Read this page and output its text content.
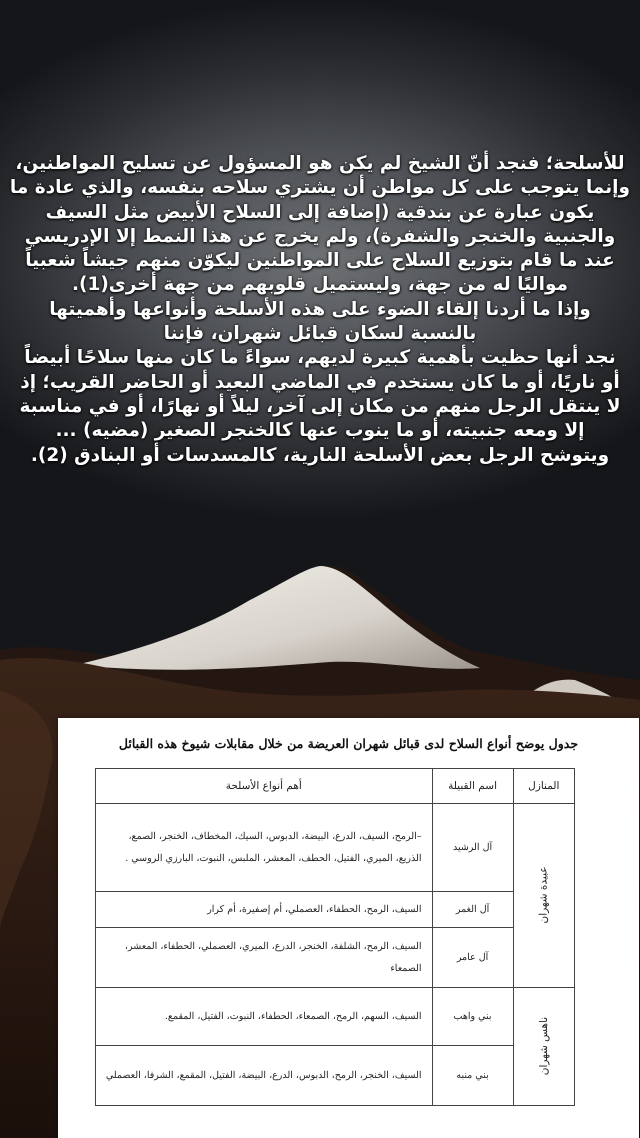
للأسلحة؛ فنجد أنّ الشيخ لم يكن هو المسؤول عن تسليح المواطنين،
وإنما يتوجب على كل مواطن أن يشتري سلاحه بنفسه، والذي عادة ما
يكون عبارة عن بندقية (إضافة إلى السلاح الأبيض مثل السيف
والجنبية والخنجر والشفرة)، ولم يخرج عن هذا النمط إلا الإدريسي
عند ما قام بتوزيع السلاح على المواطنين ليكوّن منهم جيشاً شعبياً
مواليًا له من جهة، وليستميل قلوبهم من جهة أخرى(1).
وإذا ما أردنا إلقاء الضوء على هذه الأسلحة وأنواعها وأهميتها
بالنسبة لسكان قبائل شهران، فإننا
نجد أنها حظيت بأهمية كبيرة لديهم، سواءً ما كان منها سلاحًا أبيضاً
أو ناريًا، أو ما كان يستخدم في الماضي البعيد أو الحاضر القريب؛ إذ
لا ينتقل الرجل منهم من مكان إلى آخر، ليلاً أو نهارًا، أو في مناسبة
إلا ومعه جنبيته، أو ما ينوب عنها كالخنجر الصغير (مضيه) ...
ويتوشح الرجل بعض الأسلحة النارية، كالمسدسات أو البنادق (2).
جدول يوضح أنواع السلاح لدى قبائل شهران العريضة من خلال مقابلات شيوخ هذه القبائل
المنازل	اسم القبيلة	أهم أنواع الأسلحة
عبيدة شهران	آل الرشيد	–الرمح، السيف، الدرع، البيضة، الدبوس، السيك، المخطاف، الخنجر، الصمع، الذريع، الميري، الفتيل، الحطف، المعشر، الملبس، النبوت، البارزي الروسي .
	آل الغمر	السيف، الرمح، الحطفاء، العصملي، أم إصفيرة، أم كرار
	آل عامر	السيف، الرمح، الشلفة، الخنجر، الدرع، الميري، العصملي، الحطفاء، المعشر، الصمعاء
ناهس شهران	بني واهب	السيف، السهم، الرمح، الصمعاء، الحطفاء، النبوت، الفتيل، المقمع.
	بني منبه	السيف، الخنجر، الرمح، الدبوس، الدرع، البيضة، الفتيل، المقمع، الشرفا، العصملي
